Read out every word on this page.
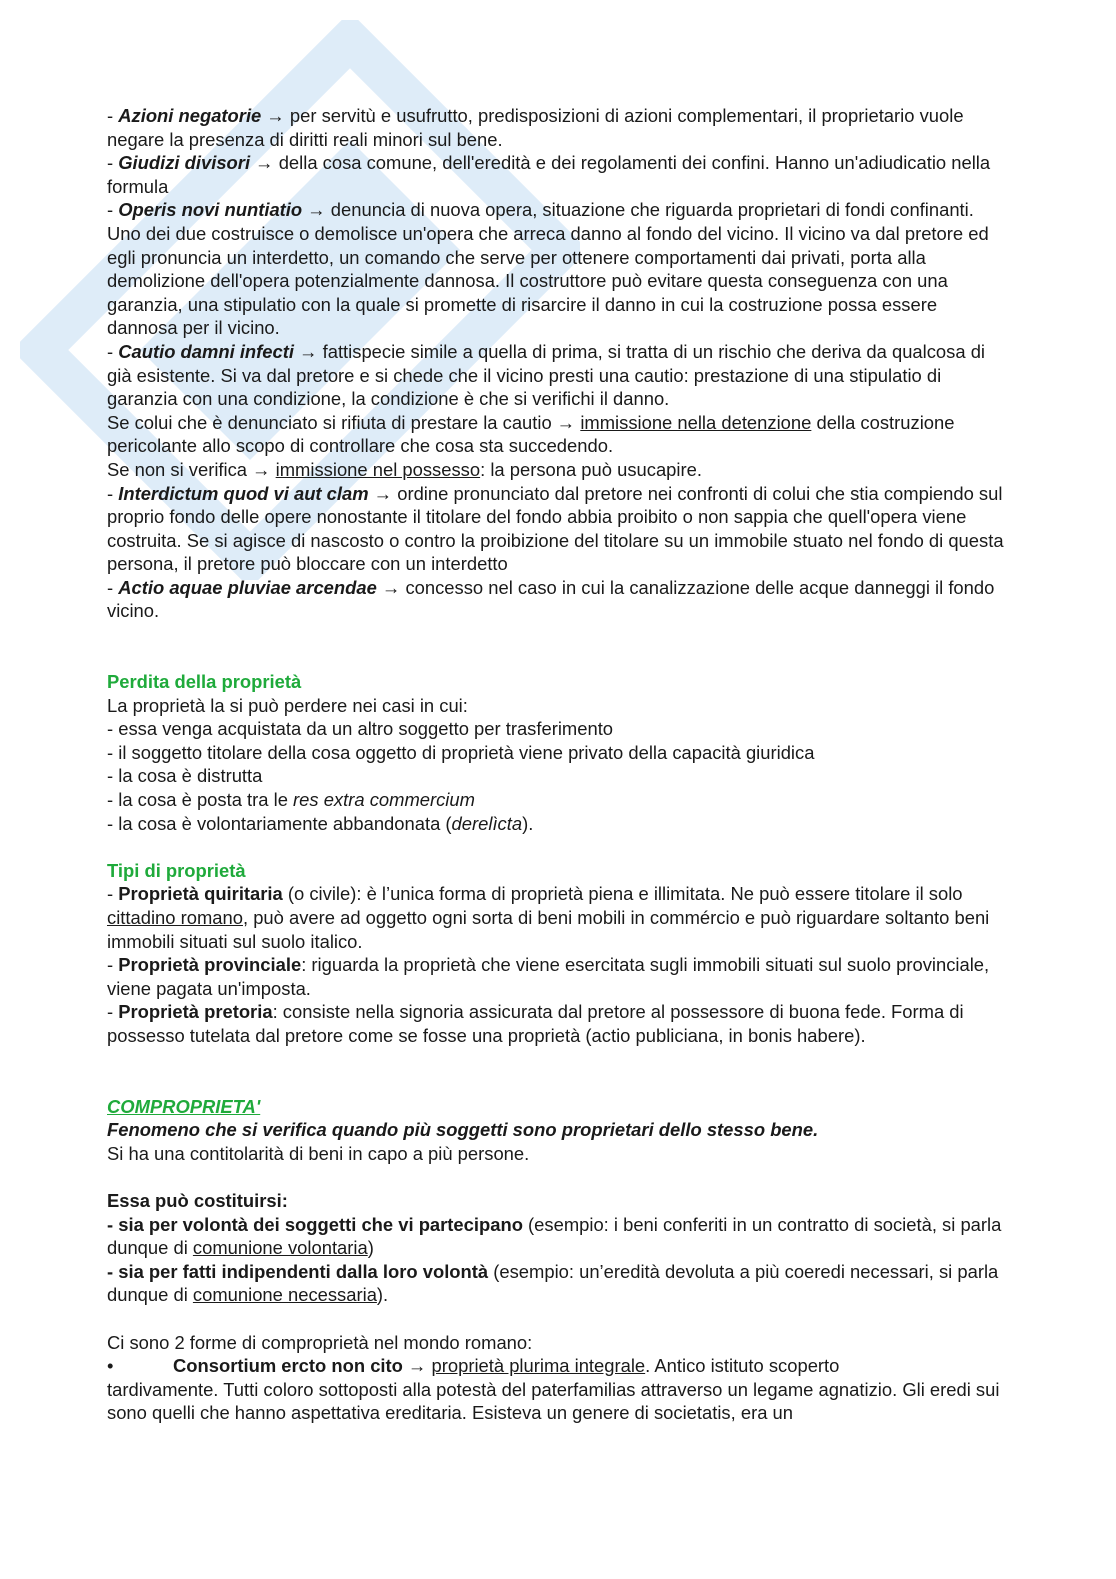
- Azioni negatorie → per servitù e usufrutto, predisposizioni di azioni complementari, il proprietario vuole negare la presenza di diritti reali minori sul bene.

- Giudizi divisori → della cosa comune, dell'eredità e dei regolamenti dei confini. Hanno un'adiudicatio nella formula

- Operis novi nuntiatio → denuncia di nuova opera, situazione che riguarda proprietari di fondi confinanti. Uno dei due costruisce o demolisce un'opera che arreca danno al fondo del vicino. Il vicino va dal pretore ed egli pronuncia un interdetto, un comando che serve per ottenere comportamenti dai privati, porta alla demolizione dell'opera potenzialmente dannosa. Il costruttore può evitare questa conseguenza con una garanzia, una stipulatio con la quale si promette di risarcire il danno in cui la costruzione possa essere dannosa per il vicino.

- Cautio damni infecti → fattispecie simile a quella di prima, si tratta di un rischio che deriva da qualcosa di già esistente. Si va dal pretore e si chede che il vicino presti una cautio: prestazione di una stipulatio di garanzia con una condizione, la condizione è che si verifichi il danno.

Se colui che è denunciato si rifiuta di prestare la cautio → immissione nella detenzione della costruzione pericolante allo scopo di controllare che cosa sta succedendo.

Se non si verifica → immissione nel possesso: la persona può usucapire.

- Interdictum quod vi aut clam → ordine pronunciato dal pretore nei confronti di colui che stia compiendo sul proprio fondo delle opere nonostante il titolare del fondo abbia proibito o non sappia che quell'opera viene costruita. Se si agisce di nascosto o contro la proibizione del titolare su un immobile stuato nel fondo di questa persona, il pretore può bloccare con un interdetto

- Actio aquae pluviae arcendae → concesso nel caso in cui la canalizzazione delle acque danneggi il fondo vicino.

Perdita della proprietà

La proprietà la si può perdere nei casi in cui:

- essa venga acquistata da un altro soggetto per trasferimento

- il soggetto titolare della cosa oggetto di proprietà viene privato della capacità giuridica

- la cosa è distrutta

- la cosa è posta tra le res extra commercium

- la cosa è volontariamente abbandonata (derelìcta).

Tipi di proprietà

- Proprietà quiritaria (o civile): è l’unica forma di proprietà piena e illimitata. Ne può essere titolare il solo cittadino romano, può avere ad oggetto ogni sorta di beni mobili in commércio e può riguardare soltanto beni immobili situati sul suolo italico.

- Proprietà provinciale: riguarda la proprietà che viene esercitata sugli immobili situati sul suolo provinciale, viene pagata un'imposta.

- Proprietà pretoria: consiste nella signoria assicurata dal pretore al possessore di buona fede. Forma di possesso tutelata dal pretore come se fosse una proprietà (actio publiciana, in bonis habere).

COMPROPRIETA'

Fenomeno che si verifica quando più soggetti sono proprietari dello stesso bene.

Si ha una contitolarità di beni in capo a più persone.

Essa può costituirsi:

- sia per volontà dei soggetti che vi partecipano (esempio: i beni conferiti in un contratto di società, si parla dunque di comunione volontaria)

- sia per fatti indipendenti dalla loro volontà (esempio: un’eredità devoluta a più coeredi necessari, si parla dunque di comunione necessaria).

Ci sono 2 forme di comproprietà nel mondo romano:

•	Consortium ercto non cito → proprietà plurima integrale. Antico istituto scoperto

tardivamente. Tutti coloro sottoposti alla potestà del paterfamilias attraverso un legame agnatizio. Gli eredi sui sono quelli che hanno aspettativa ereditaria. Esisteva un genere di societatis, era un
